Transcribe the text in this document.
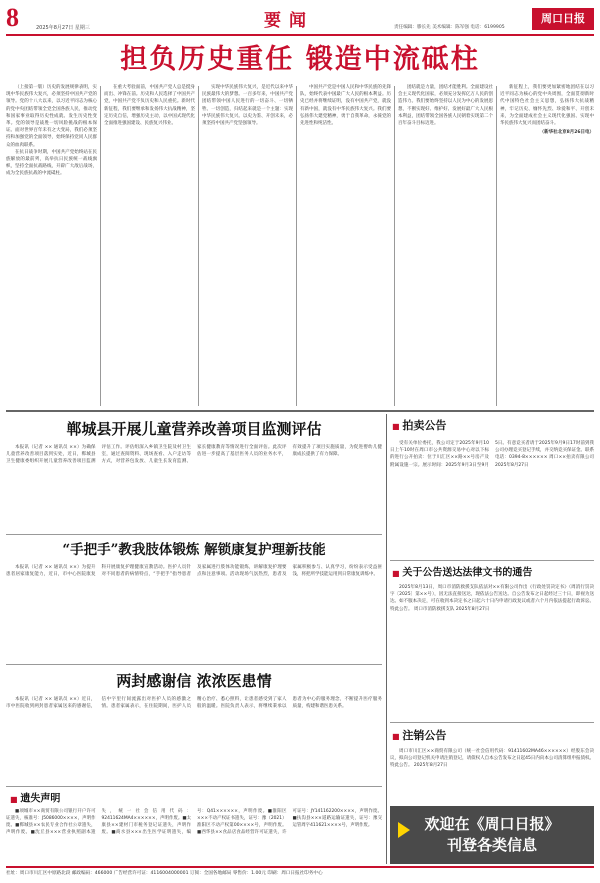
8	2025年8月27日 星期三	要闻	责任编辑：滕长先 美术编辑：陈军强 电话：6199905
周口日报
担负历史重任 锻造中流砥柱

（上接第一版）历史的发展规律表明，实现中华民族伟大复兴，必须坚持中国共产党的领导。党的十八大以来，以习近平同志为核心的党中央团结带领全党全国各族人民，推动党和国家事业取得历史性成就、发生历史性变革。党的领导是战胜一切风险挑战的根本保证。面对世界百年未有之大变局，我们必须坚持和加强党的全面领导，始终保持党同人民群众的血肉联系。

在抗日战争时期，中国共产党始终站在民族解放的最前列，高举抗日民族统一战线旗帜，坚持全面抗战路线，开辟广大敌后战场，成为全民族抗战的中流砥柱。

在重大考验面前，中国共产党人总是挺身而出、冲锋在前。历史和人民选择了中国共产党，中国共产党不负历史和人民重托。新时代新征程，我们要继承和发扬伟大抗战精神，坚定历史自信，增强历史主动，以中国式现代化全面推进强国建设、民族复兴伟业。

实现中华民族伟大复兴，是近代以来中华民族最伟大的梦想。一百多年来，中国共产党团结带领中国人民进行的一切奋斗、一切牺牲、一切创造，归结起来就是一个主题：实现中华民族伟大复兴。以史为鉴、开创未来，必须坚持中国共产党坚强领导。

中国共产党是中国人民和中华民族的先锋队，始终代表中国最广大人民的根本利益。历史已经并将继续证明，没有中国共产党，就没有新中国，就没有中华民族伟大复兴。我们要弘扬伟大建党精神，勇于自我革命，永葆党的先进性和纯洁性。

团结就是力量，团结才能胜利。全面建设社会主义现代化国家，必须充分发挥亿万人民的创造伟力。我们要始终坚持以人民为中心的发展思想，不断实现好、维护好、发展好最广大人民根本利益，团结带领全国各族人民朝着实现第二个百年奋斗目标迈进。

新征程上，我们要更加紧密地团结在以习近平同志为核心的党中央周围，全面贯彻新时代中国特色社会主义思想，弘扬伟大抗战精神，牢记历史、缅怀先烈、珍爱和平、开创未来，为全面建成社会主义现代化强国、实现中华民族伟大复兴而团结奋斗。

（新华社北京8月26日电）

郸城县开展儿童营养改善项目监测评估

本报讯（记者 ×× 通讯员 ××）为确保儿童营养改善项目落到实处，近日，郸城县卫生健康委组织开展儿童营养改善项目监测评估工作。评估组深入乡镇卫生院及村卫生室，通过查阅资料、现场查看、入户走访等方式，对营养包发放、儿童生长发育监测、家长健康教育等情况进行全面评估。此次评估进一步提高了基层医务人员的业务水平，有效提升了项目实施质量，为促进婴幼儿健康成长提供了有力保障。

“手把手”教我肢体锻炼 解锁康复护理新技能

本报讯（记者 ×× 通讯员 ××）为提升患者居家康复能力，近日，市中心医院康复科开展康复护理健康宣教活动。医护人员针对不同患者的病情特点，“手把手”指导患者及家属进行肢体功能锻炼，讲解康复护理要点和注意事项。活动现场气氛热烈，患者及家属积极参与、认真学习，纷纷表示受益匪浅，将把所学技能运用到日常康复训练中。

两封感谢信 浓浓医患情

本报讯（记者 ×× 通讯员 ××）近日，市中医院收到两封患者家属送来的感谢信，信中字里行间流露出对医护人员的感激之情。患者家属表示，在住院期间，医护人员精心治疗、悉心照料，让患者感受到了家人般的温暖。医院负责人表示，将继续秉承以患者为中心的服务理念，不断提升医疗服务质量，构建和谐医患关系。

■ 遗失声明

■项城市××商贸有限公司银行开户许可证遗失，核准号：J5086000××××，声明作废。■郸城县××农民专业合作社公章遗失，声明作废。■沈丘县×××营业执照副本遗失，统一社会信用代码：92411624MA4××××××，声明作废。■太康县××建材门市税务登记证遗失，声明作废。■商水县×××出生医学证明遗失，编号：Q41××××××，声明作废。■淮阳区×××不动产权证书遗失，证号：豫（2021）淮阳区不动产权第00××××号，声明作废。■西华县××食品店食品经营许可证遗失，许可证号：JY141162200××××，声明作废。■扶沟县×××道路运输证遗失，证号：豫交运管周字411621××××号，声明作废。

■ 拍卖公告

受有关单位委托，我公司定于2025年9月10日上午10时在周口市公共资源交易中心对以下标的进行公开拍卖：位于川汇区××路××号房产及附属设施一宗。展示时间：2025年9月3日至9月5日。有意竞买者请于2025年9月9日17时前到我公司办理竞买登记手续，并交纳竞买保证金。联系电话：0394-8×××××× 周口××拍卖有限公司 2025年8月27日

■ 关于公告送达法律文书的通告

2025年8月13日，周口市消防救援支队依法对××有限公司作出《行政处罚决定书》（周消行罚决字〔2025〕第××号），因无法直接送达，现依法公告送达。自公告发布之日起经过三十日，即视为送达。如不服本决定，可在收到本决定书之日起六十日内申请行政复议或者六个月内依法提起行政诉讼。特此公告。 周口市消防救援支队 2025年8月27日

■ 注销公告

周口市川汇区××商贸有限公司（统一社会信用代码：91411602MA46××××××）经股东会决议，拟向公司登记机关申请注销登记，请债权人自本公告发布之日起45日内向本公司清算组申报债权。特此公告。 2025年8月27日

欢迎在《周口日报》
刊登各类信息
社址：周口市川汇区中原路北段 邮政编码：466000 广告经营许可证：4116004000001 订阅：全国各地邮局 零售价：1.00元 印刷：周口日报社印务中心
